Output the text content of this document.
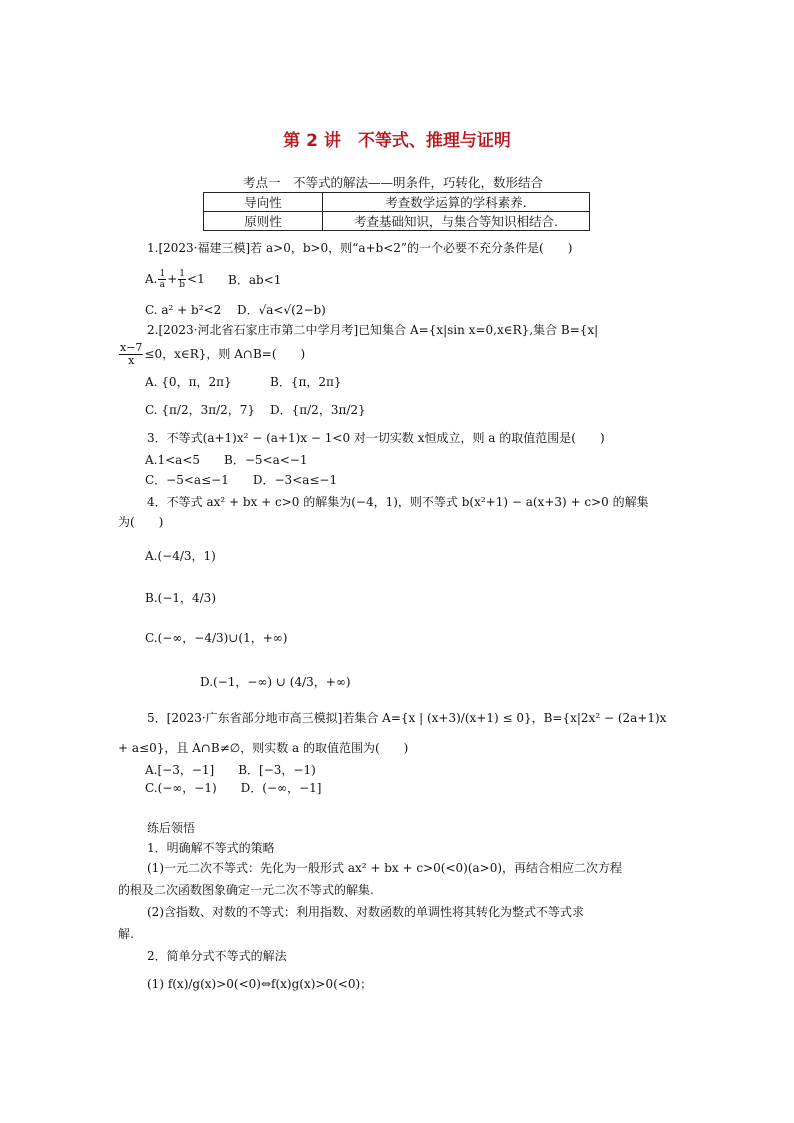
第 2 讲　不等式、推理与证明
考点一　不等式的解法——明条件，巧转化，数形结合
导向性	考查数学运算的学科素养.
原则性	考查基础知识，与集合等知识相结合.
1.[2023·福建三模]若 a>0，b>0，则“a+b<2”的一个必要不充分条件是(　　)
A. $\frac{1}{a} + \frac{1}{b} <1$ B．ab<1
C. a² + b²<2 D．√a<√(2−b)
2.[2023·河北省石家庄市第二中学月考]已知集合 A={x|sin x=0,x∈R},集合 B={x|
$\frac{x-7}{x} \le 0$，x∈R}，则 A∩B=(　　)
A. {0，π，2π}	B．{π，2π}
C. {π/2，3π/2，7} D．{π/2，3π/2}
3．不等式(a+1)x² − (a+1)x − 1<0 对一切实数 x恒成立，则 a 的取值范围是(　　)
A.1<a<5　　B．−5<a<−1
C．−5<a≤−1　　D．−3<a≤−1
4．不等式 ax² + bx + c>0 的解集为(−4，1)，则不等式 b(x²+1) − a(x+3) + c>0 的解集
为(　　)
A.(−4/3，1)
B.(−1，4/3)
C.(−∞，−4/3)∪(1，+∞)
D.(−1，−∞) ∪ (4/3，+∞)
5．[2023·广东省部分地市高三模拟]若集合 A={x | (x+3)/(x+1) ≤ 0}，B={x|2x² − (2a+1)x
+ a≤0}，且 A∩B≠∅，则实数 a 的取值范围为(　　)
A.[−3，−1]　　B．[−3，−1)
C.(−∞，−1)　　D．(−∞，−1]
练后领悟
1．明确解不等式的策略
(1)一元二次不等式：先化为一般形式 ax² + bx + c>0(<0)(a>0)，再结合相应二次方程
的根及二次函数图象确定一元二次不等式的解集.
(2)含指数、对数的不等式：利用指数、对数函数的单调性将其转化为整式不等式求
解.
2．简单分式不等式的解法
(1) f(x)/g(x)>0(<0)⇔f(x)g(x)>0(<0)；
